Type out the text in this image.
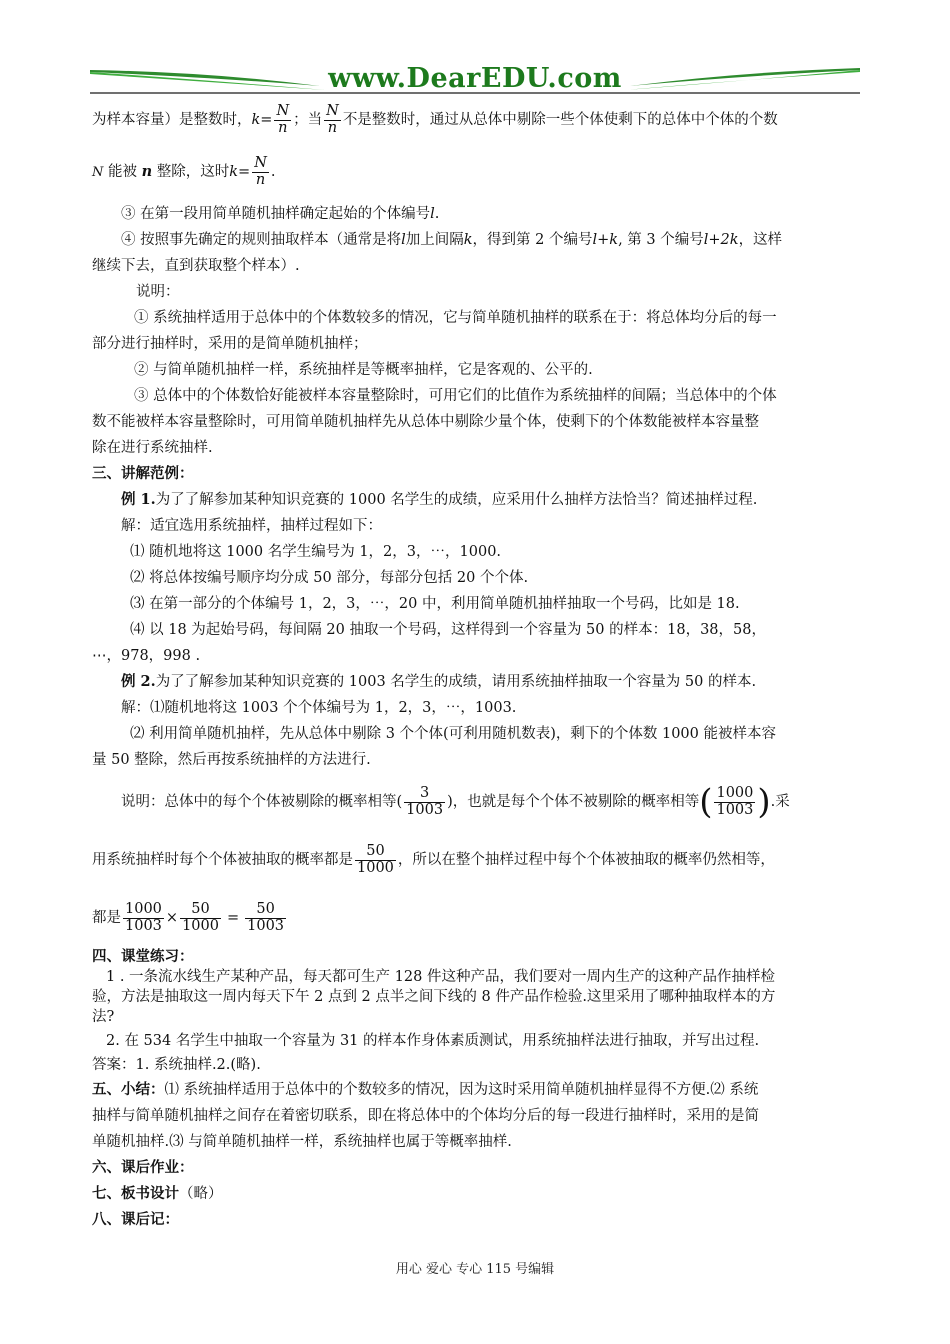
www.DearEDU.com
为样本容量）是整数时，$k= \frac{N}{n}$ ；当 $\frac{N}{n}$ 不是整数时，通过从总体中剔除一些个体使剩下的总体中个体的个数
N 能被 n 整除，这时$k= \frac{N}{n}$ .
③ 在第一段用简单随机抽样确定起始的个体编号l.
④ 按照事先确定的规则抽取样本（通常是将l加上间隔k，得到第 2 个编号l+k, 第 3 个编号l+2k，这样
继续下去，直到获取整个样本）.
说明：
① 系统抽样适用于总体中的个体数较多的情况，它与简单随机抽样的联系在于：将总体均分后的每一
部分进行抽样时，采用的是简单随机抽样；
② 与简单随机抽样一样，系统抽样是等概率抽样，它是客观的、公平的.
③ 总体中的个体数恰好能被样本容量整除时，可用它们的比值作为系统抽样的间隔；当总体中的个体
数不能被样本容量整除时，可用简单随机抽样先从总体中剔除少量个体，使剩下的个体数能被样本容量整
除在进行系统抽样.
三、讲解范例：
例 1.为了了解参加某种知识竞赛的 1000 名学生的成绩，应采用什么抽样方法恰当？简述抽样过程.
解：适宜选用系统抽样，抽样过程如下：
⑴ 随机地将这 1000 名学生编号为 1，2，3，⋯，1000.
⑵ 将总体按编号顺序均分成 50 部分，每部分包括 20 个个体.
⑶ 在第一部分的个体编号 1，2，3，⋯，20 中，利用简单随机抽样抽取一个号码，比如是 18.
⑷ 以 18 为起始号码，每间隔 20 抽取一个号码，这样得到一个容量为 50 的样本：18，38，58，
⋯，978，998 .
例 2.为了了解参加某种知识竞赛的 1003 名学生的成绩，请用系统抽样抽取一个容量为 50 的样本.
解：⑴随机地将这 1003 个个体编号为 1，2，3，⋯，1003.
⑵ 利用简单随机抽样，先从总体中剔除 3 个个体(可利用随机数表)，剩下的个体数 1000 能被样本容
量 50 整除，然后再按系统抽样的方法进行.
说明：总体中的每个个体被剔除的概率相等( $\frac{3}{1003}$ )，也就是每个个体不被剔除的概率相等( $\frac{1000}{1003}$ ).采
用系统抽样时每个个体被抽取的概率都是 $\frac{50}{1000}$ ，所以在整个抽样过程中每个个体被抽取的概率仍然相等，
都是 $\frac{1000}{1003} \times \frac{50}{1000} = \frac{50}{1003}$
四、课堂练习：
1 . 一条流水线生产某种产品，每天都可生产 128 件这种产品，我们要对一周内生产的这种产品作抽样检
验，方法是抽取这一周内每天下午 2 点到 2 点半之间下线的 8 件产品作检验.这里采用了哪种抽取样本的方
法?
2. 在 534 名学生中抽取一个容量为 31 的样本作身体素质测试，用系统抽样法进行抽取，并写出过程.
答案：1. 系统抽样.2.(略).
五、小结：⑴ 系统抽样适用于总体中的个数较多的情况，因为这时采用简单随机抽样显得不方便.⑵ 系统
抽样与简单随机抽样之间存在着密切联系，即在将总体中的个体均分后的每一段进行抽样时，采用的是简
单随机抽样.⑶ 与简单随机抽样一样，系统抽样也属于等概率抽样.
六、课后作业：
七、板书设计（略）
八、课后记：
用心 爱心 专心 115 号编辑
